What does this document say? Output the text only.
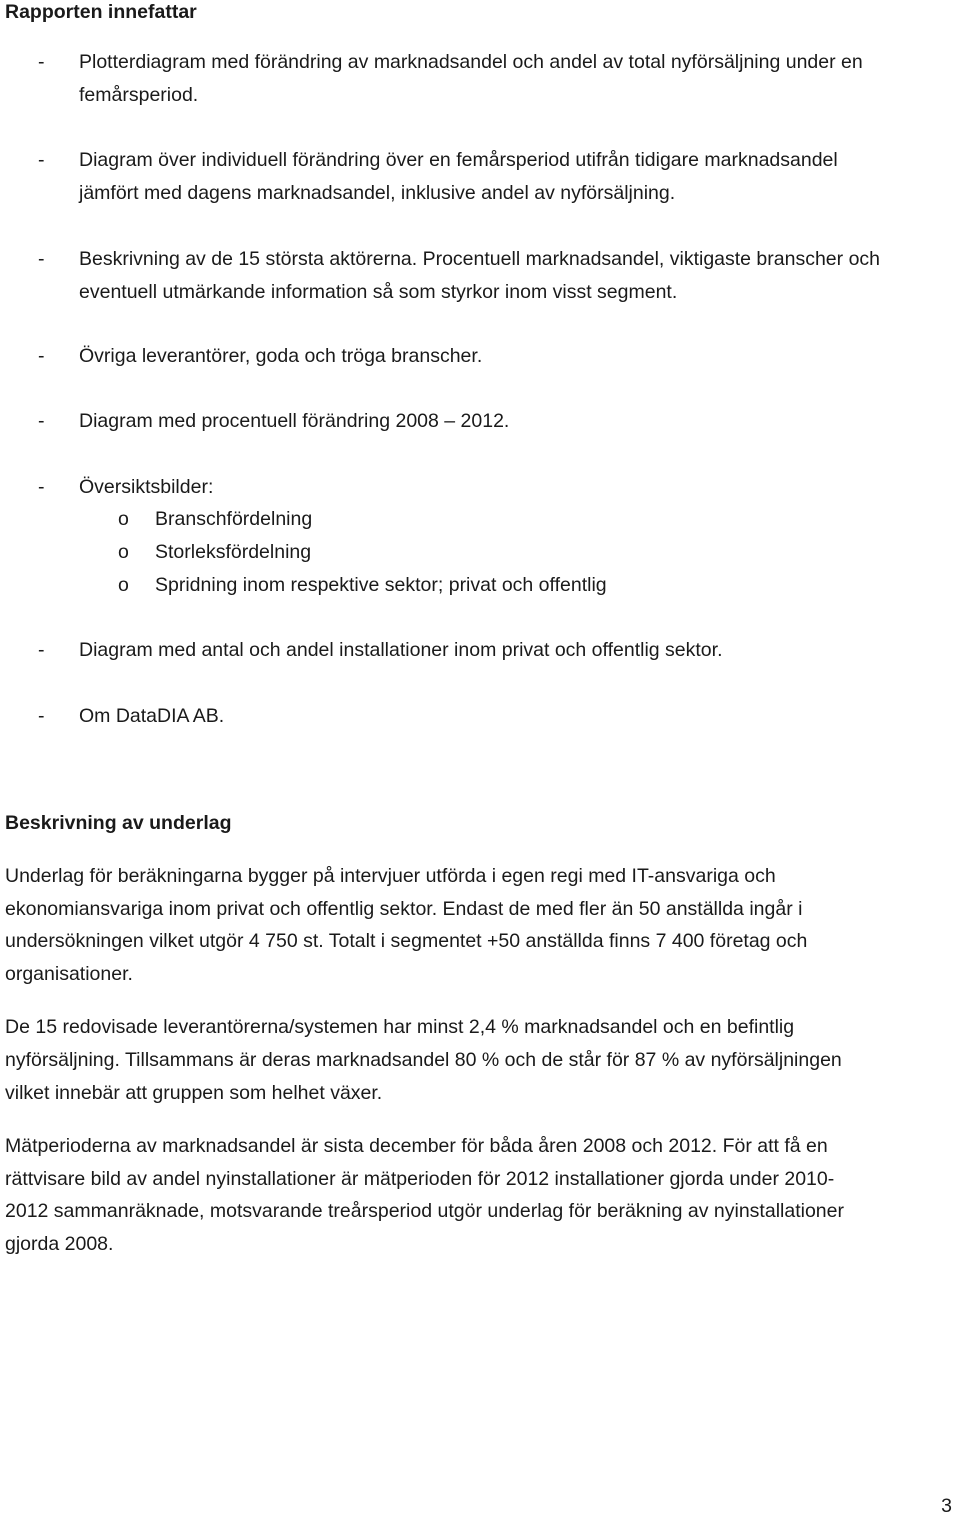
Rapporten innefattar
- Plotterdiagram med förändring av marknadsandel och andel av total nyförsäljning under en
femårsperiod.
- Diagram över individuell förändring över en femårsperiod utifrån tidigare marknadsandel
jämfört med dagens marknadsandel, inklusive andel av nyförsäljning.
- Beskrivning av de 15 största aktörerna. Procentuell marknadsandel, viktigaste branscher och
eventuell utmärkande information så som styrkor inom visst segment.
- Övriga leverantörer, goda och tröga branscher.
- Diagram med procentuell förändring 2008 – 2012.
- Översiktsbilder:
o Branschfördelning
o Storleksfördelning
o Spridning inom respektive sektor; privat och offentlig
- Diagram med antal och andel installationer inom privat och offentlig sektor.
- Om DataDIA AB.
Beskrivning av underlag
Underlag för beräkningarna bygger på intervjuer utförda i egen regi med IT-ansvariga och
ekonomiansvariga inom privat och offentlig sektor. Endast de med fler än 50 anställda ingår i
undersökningen vilket utgör 4 750 st. Totalt i segmentet +50 anställda finns 7 400 företag och
organisationer.
De 15 redovisade leverantörerna/systemen har minst 2,4 % marknadsandel och en befintlig
nyförsäljning. Tillsammans är deras marknadsandel 80 % och de står för 87 % av nyförsäljningen
vilket innebär att gruppen som helhet växer.
Mätperioderna av marknadsandel är sista december för båda åren 2008 och 2012. För att få en
rättvisare bild av andel nyinstallationer är mätperioden för 2012 installationer gjorda under 2010-
2012 sammanräknade, motsvarande treårsperiod utgör underlag för beräkning av nyinstallationer
gjorda 2008.
3
